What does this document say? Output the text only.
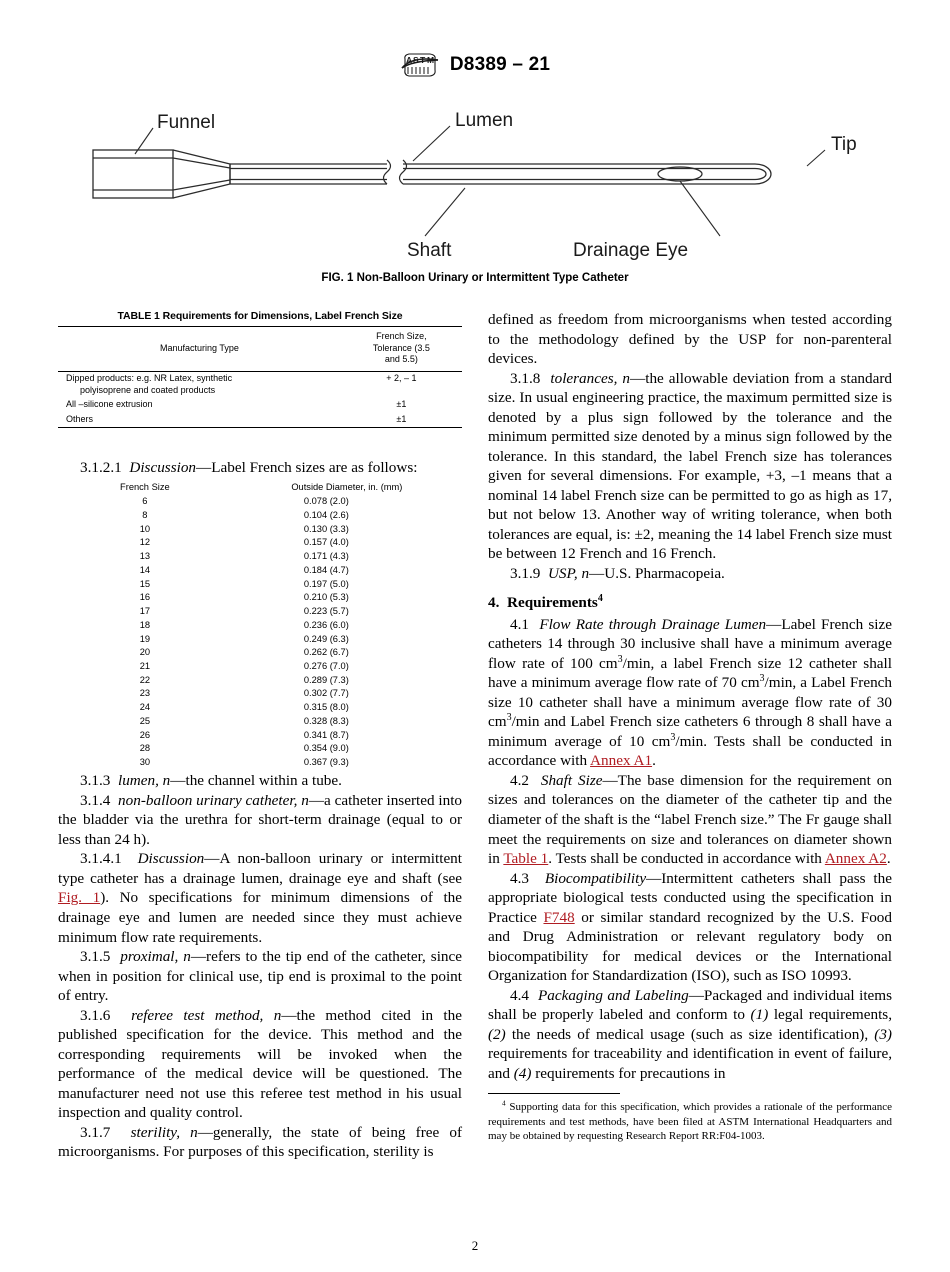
A S T M D8389 – 21
Funnel	Lumen
Tip
Shaft	Drainage Eye
FIG. 1 Non-Balloon Urinary or Intermittent Type Catheter
TABLE 1 Requirements for Dimensions, Label French Size
Manufacturing Type	French Size,
Tolerance (3.5
and 5.5)
Dipped products: e.g. NR Latex, synthetic
polyisoprene and coated products	+ 2, – 1
All –silicone extrusion	±1
Others	±1

3.1.2.1 Discussion—Label French sizes are as follows:

French Size	Outside Diameter, in. (mm)
6	0.078 (2.0)
8	0.104 (2.6)
10	0.130 (3.3)
12	0.157 (4.0)
13	0.171 (4.3)
14	0.184 (4.7)
15	0.197 (5.0)
16	0.210 (5.3)
17	0.223 (5.7)
18	0.236 (6.0)
19	0.249 (6.3)
20	0.262 (6.7)
21	0.276 (7.0)
22	0.289 (7.3)
23	0.302 (7.7)
24	0.315 (8.0)
25	0.328 (8.3)
26	0.341 (8.7)
28	0.354 (9.0)
30	0.367 (9.3)

3.1.3 lumen, n—the channel within a tube.

3.1.4 non-balloon urinary catheter, n—a catheter inserted into the bladder via the urethra for short-term drainage (equal to or less than 24 h).

3.1.4.1 Discussion—A non-balloon urinary or intermittent type catheter has a drainage lumen, drainage eye and shaft (see Fig. 1). No specifications for minimum dimensions of the drainage eye and lumen are needed since they must achieve minimum flow rate requirements.

3.1.5 proximal, n—refers to the tip end of the catheter, since when in position for clinical use, tip end is proximal to the point of entry.

3.1.6 referee test method, n—the method cited in the published specification for the device. This method and the corresponding requirements will be invoked when the performance of the medical device will be questioned. The manufacturer need not use this referee test method in his usual inspection and quality control.

3.1.7 sterility, n—generally, the state of being free of microorganisms. For purposes of this specification, sterility is

defined as freedom from microorganisms when tested according to the methodology defined by the USP for non-parenteral devices.

3.1.8 tolerances, n—the allowable deviation from a standard size. In usual engineering practice, the maximum permitted size is denoted by a plus sign followed by the tolerance and the minimum permitted size denoted by a minus sign followed by the tolerance. In this standard, the label French size has tolerances given for several dimensions. For example, +3, –1 means that a nominal 14 label French size can be permitted to go as high as 17, but not below 13. Another way of writing tolerance, when both tolerances are equal, is: ±2, meaning the 14 label French size must be between 12 French and 16 French.

3.1.9 USP, n—U.S. Pharmacopeia.

4. Requirements$^4$

4.1 Flow Rate through Drainage Lumen—Label French size catheters 14 through 30 inclusive shall have a minimum average flow rate of 100 $cm^3/\min$, a label French size 12 catheter shall have a minimum average flow rate of 70 $cm^3/\min$, a Label French size 10 catheter shall have a minimum average flow rate of 30 $cm^3/\min$ and Label French size catheters 6 through 8 shall have a minimum average of 10 $cm^3/\min$. Tests shall be conducted in accordance with Annex A1.

4.2 Shaft Size—The base dimension for the requirement on sizes and tolerances on the diameter of the catheter tip and the diameter of the shaft is the “label French size.” The Fr gauge shall meet the requirements on size and tolerances on diameter shown in Table 1. Tests shall be conducted in accordance with Annex A2.

4.3 Biocompatibility—Intermittent catheters shall pass the appropriate biological tests conducted using the specification in Practice F748 or similar standard recognized by the U.S. Food and Drug Administration or relevant regulatory body on biocompatibility for medical devices or the International Organization for Standardization (ISO), such as ISO 10993.

4.4 Packaging and Labeling—Packaged and individual items shall be properly labeled and conform to (1) legal requirements, (2) the needs of medical usage (such as size identification), (3) requirements for traceability and identification in event of failure, and (4) requirements for precautions in

$^4$ Supporting data for this specification, which provides a rationale of the performance requirements and test methods, have been filed at ASTM International Headquarters and may be obtained by requesting Research Report RR:F04-1003.

2
